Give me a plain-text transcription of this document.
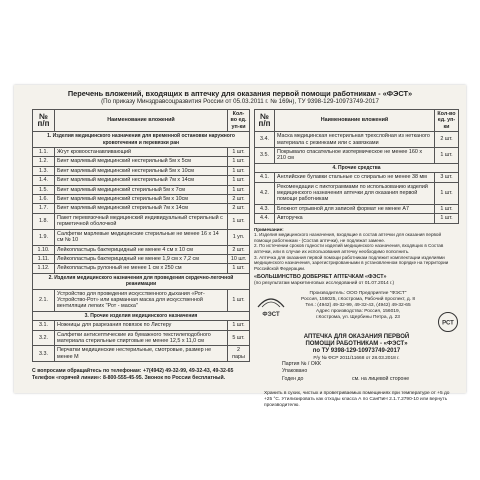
Перечень вложений, входящих в аптечку для оказания первой помощи работникам - «ФЭСТ»
(По приказу Минздравсоцразвития России от 05.03.2011 г. № 169н), ТУ 9398-129-10973749-2017
№ п/п	Наименование вложений	Кол-во ед. уп-ки
1. Изделия медицинского назначения для временной остановки наружного кровотечения и перевязки ран		
1.1.	Жгут кровоостанавливающий	1 шт.
1.2.	Бинт марлевый медицинский нестерильный 5м x 5см	1 шт.
1.3.	Бинт марлевый медицинский нестерильный 5м x 10см	1 шт.
1.4.	Бинт марлевый медицинский нестерильный 7м x 14см	1 шт.
1.5.	Бинт марлевый медицинский стерильный 5м x 7см	1 шт.
1.6.	Бинт марлевый медицинский стерильный 5м x 10см	2 шт.
1.7.	Бинт марлевый медицинский стерильный 7м x 14см	2 шт.
1.8.	Пакет перевязочный медицинский индивидуальный стерильный с герметичной оболочкой	1 шт.
1.9.	Салфетки марлевые медицинские стерильные не менее 16 х 14 см № 10	1 уп.
1.10.	Лейкопластырь бактерицидный не менее 4 см х 10 см	2 шт.
1.11.	Лейкопластырь бактерицидный не менее 1,9 см х 7,2 см	10 шт.
1.12.	Лейкопластырь рулонный не менее 1 см х 250 см	1 шт.
2. Изделия медицинского назначения для проведения сердечно-легочной реанимации		
2.1.	Устройство для проведения искусственного дыхания «Рот-Устройство-Рот» или карманная маска для искусственной вентиляции легких "Рот - маска"	1 шт.
3. Прочие изделия медицинского назначения		
3.1.	Ножницы для разрезания повязок по Листеру	1 шт.
3.2.	Салфетки антисептические из бумажного текстилеподобного материала стерильные спиртовые не менее 12,5 х 11,0 см	5 шт.
3.3.	Перчатки медицинские нестерильные, смотровые, размер не менее М	2 пары
С вопросами обращайтесь по телефонам: +7(4942) 49-32-99, 49-32-43, 49-32-65
Телефон «горячей линии»: 8-800-555-45-95. Звонок по России бесплатный.
№ п/п	Наименование вложений	Кол-во ед. уп-ки
3.4.	Маска медицинская нестерильная трехслойная из нетканого материала с резинками или с завязками	2 шт.
3.5.	Покрывало спасательное изотермическое не менее 160 х 210 см	1 шт.
4. Прочие средства		
4.1.	Английские булавки стальные со спиралью не менее 38 мм	3 шт.
4.2.	Рекомендации с пиктограммами по использованию изделий медицинского назначения аптечки для оказания первой помощи работникам	1 шт.
4.3.	Блокнот отрывной для записей формат не менее А7	1 шт.
4.4.	Авторучка	1 шт.
Примечание:
1. Изделия медицинского назначения, входящие в состав аптечки для оказания первой помощи работникам - (Состав аптечки), не подлежат замене.
2. По истечении сроков годности изделий медицинского назначения, входящих в Состав аптечки, или в случае их использования аптечку необходимо пополнить.
3. Аптечка для оказания первой помощи работникам подлежит комплектации изделиями медицинского назначения, зарегистрированными в установленном порядке на территории Российской Федерации.
«БОЛЬШИНСТВО ДОВЕРЯЕТ АПТЕЧКАМ «ФЭСТ»
(по результатам маркетинговых исследований от 01.07.2014 г.)
ФЭСТ
Производитель: ООО Предприятие "ФЭСТ"
Россия, 156025, г.Кострома, Рабочий проспект, д. 8
Тел.: (4942) 49-32-99, 49-32-43, (4942) 49-32-65
Адрес производства: Россия, 156019,
г.Кострома, ул. Щербины Петра, д. 23
РСТ
АПТЕЧКА ДЛЯ ОКАЗАНИЯ ПЕРВОЙ
ПОМОЩИ РАБОТНИКАМ - «ФЭСТ»
по ТУ 9398-129-10973749-2017
Р/у № ФСР 2011/11668 от 28.03.2018 г.
Партия № / ОКК
Упаковано
Годен до	см. на лицевой стороне
Хранить в сухих, чистых и проветриваемых помещениях при температуре от +5 до +25 °С. Утилизировать как отходы класса А по СанПиН 2.1.7.2790-10 или вернуть производителю.
